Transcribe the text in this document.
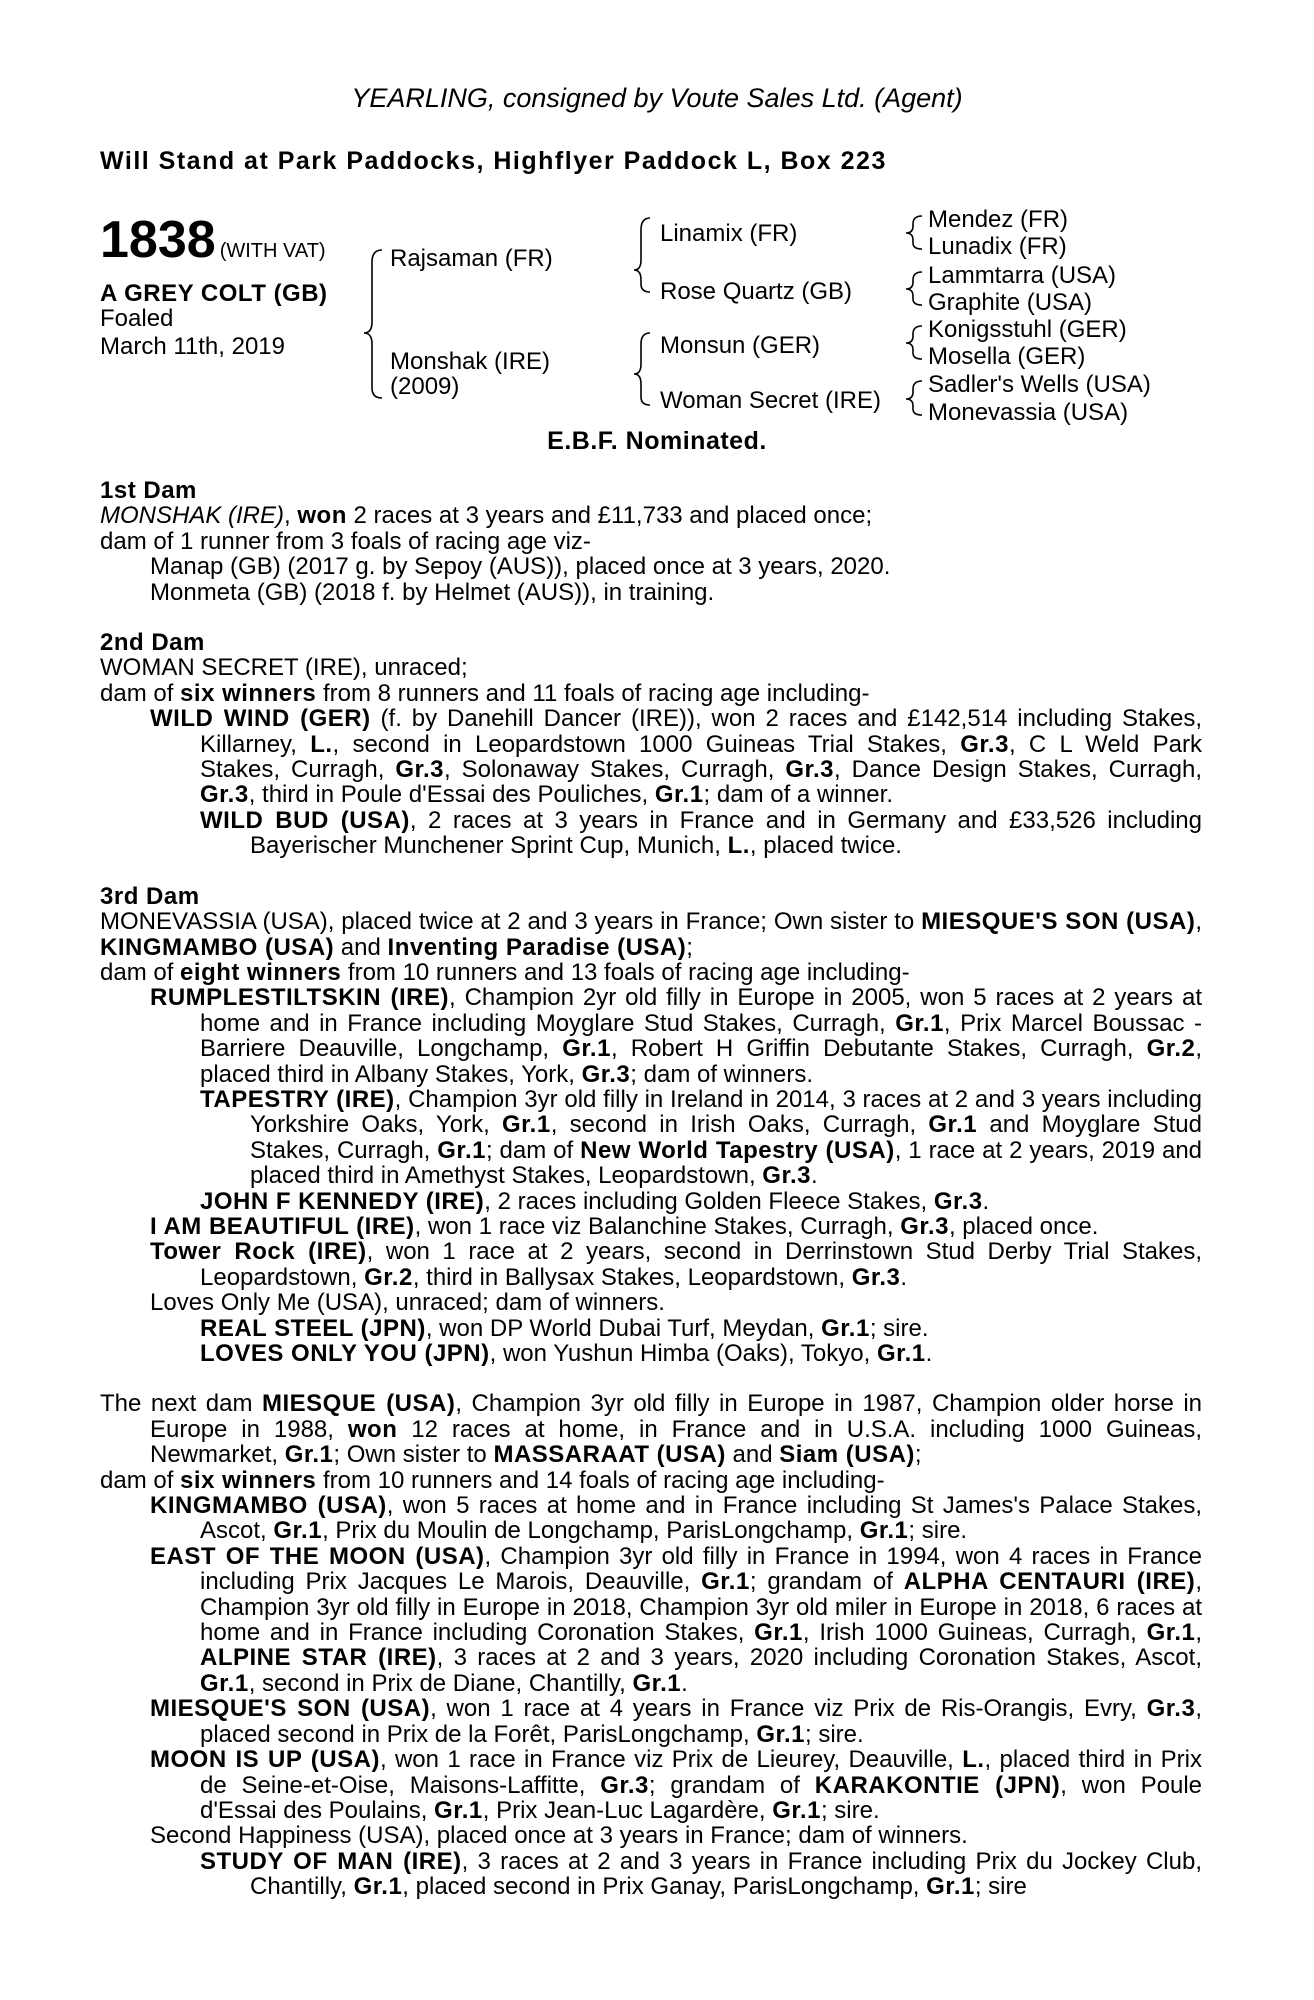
YEARLING, consigned by Voute Sales Ltd. (Agent)
Will Stand at Park Paddocks, Highflyer Paddock L, Box 223
1838 (WITH VAT)
A GREY COLT (GB)
Foaled
March 11th, 2019
Rajsaman (FR)
Monshak (IRE)
(2009)
Linamix (FR)
Rose Quartz (GB)
Monsun (GER)
Woman Secret (IRE)
Mendez (FR)
Lunadix (FR)
Lammtarra (USA)
Graphite (USA)
Konigsstuhl (GER)
Mosella (GER)
Sadler's Wells (USA)
Monevassia (USA)
E.B.F. Nominated.

1st Dam

MONSHAK (IRE), won 2 races at 3 years and £11,733 and placed once;

dam of 1 runner from 3 foals of racing age viz-

Manap (GB) (2017 g. by Sepoy (AUS)), placed once at 3 years, 2020.

Monmeta (GB) (2018 f. by Helmet (AUS)), in training.

2nd Dam

WOMAN SECRET (IRE), unraced;

dam of six winners from 8 runners and 11 foals of racing age including-

WILD WIND (GER) (f. by Danehill Dancer (IRE)), won 2 races and £142,514 including Stakes, Killarney, L., second in Leopardstown 1000 Guineas Trial Stakes, Gr.3, C L Weld Park Stakes, Curragh, Gr.3, Solonaway Stakes, Curragh, Gr.3, Dance Design Stakes, Curragh, Gr.3, third in Poule d'Essai des Pouliches, Gr.1; dam of a winner.

WILD BUD (USA), 2 races at 3 years in France and in Germany and £33,526 including Bayerischer Munchener Sprint Cup, Munich, L., placed twice.

3rd Dam

MONEVASSIA (USA), placed twice at 2 and 3 years in France; Own sister to MIESQUE'S SON (USA), KINGMAMBO (USA) and Inventing Paradise (USA);

dam of eight winners from 10 runners and 13 foals of racing age including-

RUMPLESTILTSKIN (IRE), Champion 2yr old filly in Europe in 2005, won 5 races at 2 years at home and in France including Moyglare Stud Stakes, Curragh, Gr.1, Prix Marcel Boussac - Barriere Deauville, Longchamp, Gr.1, Robert H Griffin Debutante Stakes, Curragh, Gr.2, placed third in Albany Stakes, York, Gr.3; dam of winners.

TAPESTRY (IRE), Champion 3yr old filly in Ireland in 2014, 3 races at 2 and 3 years including Yorkshire Oaks, York, Gr.1, second in Irish Oaks, Curragh, Gr.1 and Moyglare Stud Stakes, Curragh, Gr.1; dam of New World Tapestry (USA), 1 race at 2 years, 2019 and placed third in Amethyst Stakes, Leopardstown, Gr.3.

JOHN F KENNEDY (IRE), 2 races including Golden Fleece Stakes, Gr.3.

I AM BEAUTIFUL (IRE), won 1 race viz Balanchine Stakes, Curragh, Gr.3, placed once.

Tower Rock (IRE), won 1 race at 2 years, second in Derrinstown Stud Derby Trial Stakes, Leopardstown, Gr.2, third in Ballysax Stakes, Leopardstown, Gr.3.

Loves Only Me (USA), unraced; dam of winners.

REAL STEEL (JPN), won DP World Dubai Turf, Meydan, Gr.1; sire.

LOVES ONLY YOU (JPN), won Yushun Himba (Oaks), Tokyo, Gr.1.

The next dam MIESQUE (USA), Champion 3yr old filly in Europe in 1987, Champion older horse in Europe in 1988, won 12 races at home, in France and in U.S.A. including 1000 Guineas, Newmarket, Gr.1; Own sister to MASSARAAT (USA) and Siam (USA);

dam of six winners from 10 runners and 14 foals of racing age including-

KINGMAMBO (USA), won 5 races at home and in France including St James's Palace Stakes, Ascot, Gr.1, Prix du Moulin de Longchamp, ParisLongchamp, Gr.1; sire.

EAST OF THE MOON (USA), Champion 3yr old filly in France in 1994, won 4 races in France including Prix Jacques Le Marois, Deauville, Gr.1; grandam of ALPHA CENTAURI (IRE), Champion 3yr old filly in Europe in 2018, Champion 3yr old miler in Europe in 2018, 6 races at home and in France including Coronation Stakes, Gr.1, Irish 1000 Guineas, Curragh, Gr.1, ALPINE STAR (IRE), 3 races at 2 and 3 years, 2020 including Coronation Stakes, Ascot, Gr.1, second in Prix de Diane, Chantilly, Gr.1.

MIESQUE'S SON (USA), won 1 race at 4 years in France viz Prix de Ris-Orangis, Evry, Gr.3, placed second in Prix de la Forêt, ParisLongchamp, Gr.1; sire.

MOON IS UP (USA), won 1 race in France viz Prix de Lieurey, Deauville, L., placed third in Prix de Seine-et-Oise, Maisons-Laffitte, Gr.3; grandam of KARAKONTIE (JPN), won Poule d'Essai des Poulains, Gr.1, Prix Jean-Luc Lagardère, Gr.1; sire.

Second Happiness (USA), placed once at 3 years in France; dam of winners.

STUDY OF MAN (IRE), 3 races at 2 and 3 years in France including Prix du Jockey Club, Chantilly, Gr.1, placed second in Prix Ganay, ParisLongchamp, Gr.1; sire
